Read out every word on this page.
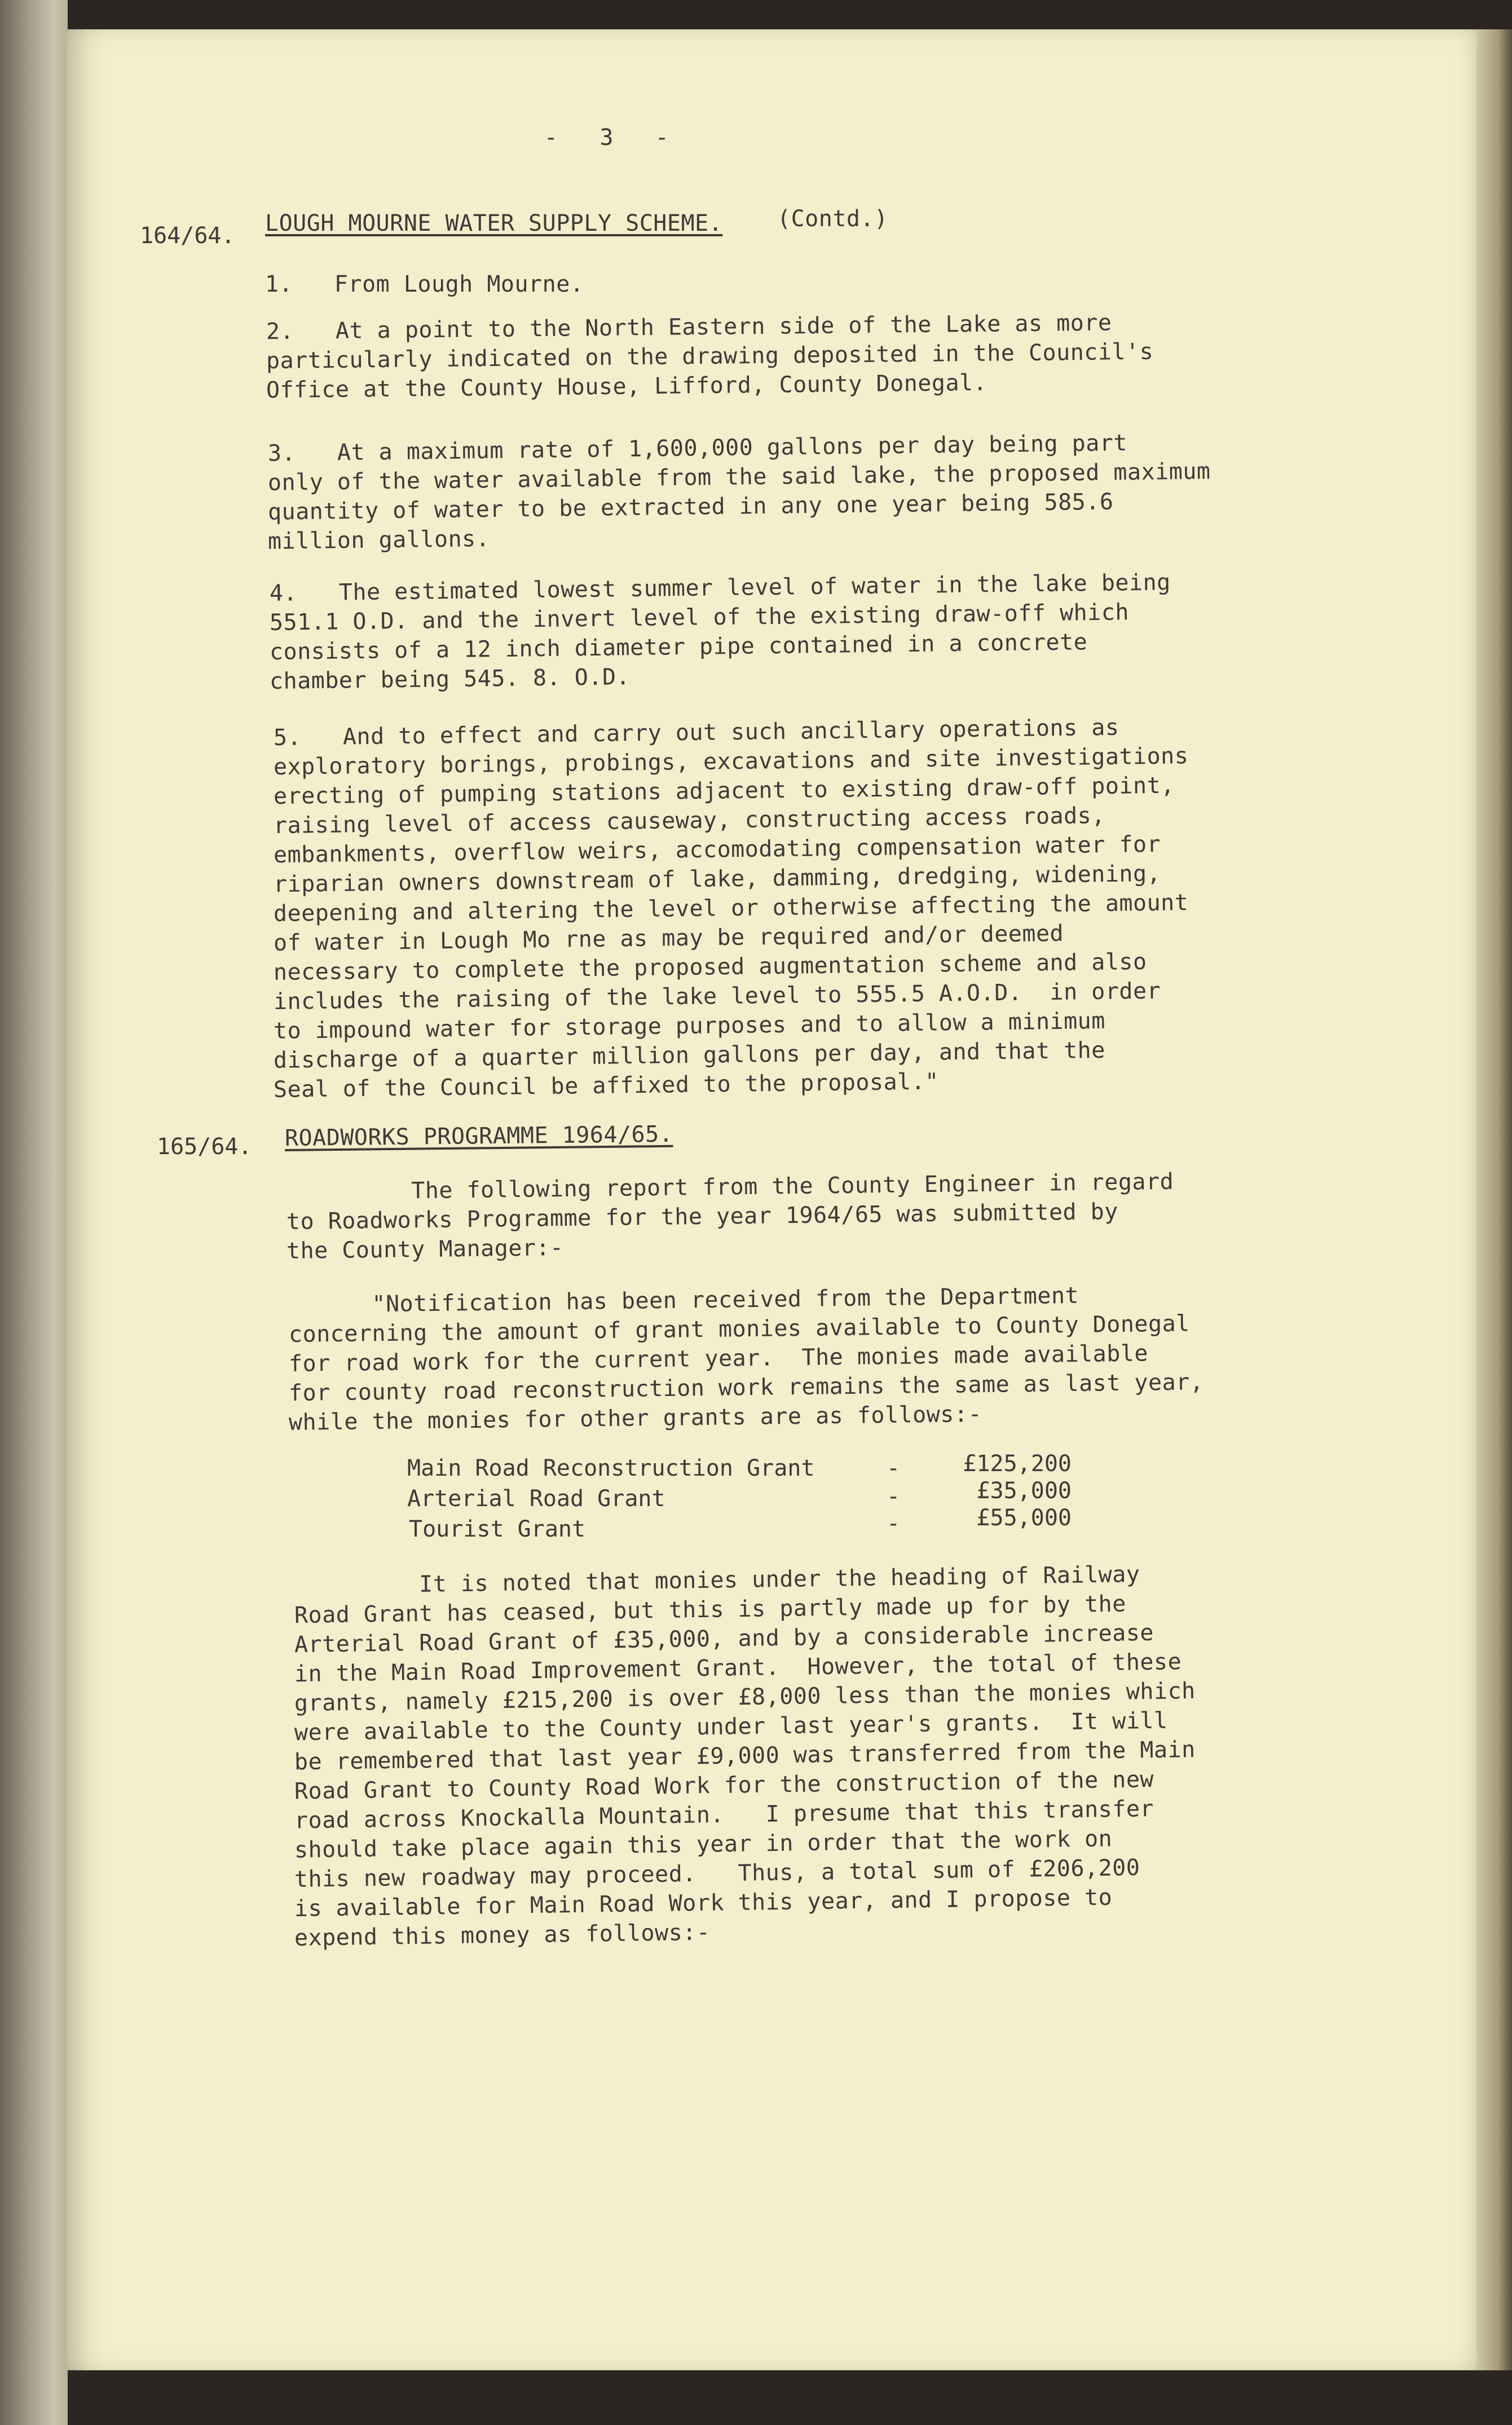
-   3   -
164/64. LOUGH MOURNE WATER SUPPLY SCHEME. (Contd.)
1.   From Lough Mourne.
2.   At a point to the North Eastern side of the Lake as more
particularly indicated on the drawing deposited in the Council's
Office at the County House, Lifford, County Donegal.
3.   At a maximum rate of 1,600,000 gallons per day being part
only of the water available from the said lake, the proposed maximum
quantity of water to be extracted in any one year being 585.6
million gallons.
4.   The estimated lowest summer level of water in the lake being
551.1 O.D. and the invert level of the existing draw-off which
consists of a 12 inch diameter pipe contained in a concrete
chamber being 545. 8. O.D.
5.   And to effect and carry out such ancillary operations as
exploratory borings, probings, excavations and site investigations
erecting of pumping stations adjacent to existing draw-off point,
raising level of access causeway, constructing access roads,
embankments, overflow weirs, accomodating compensation water for
riparian owners downstream of lake, damming, dredging, widening,
deepening and altering the level or otherwise affecting the amount
of water in Lough Mo rne as may be required and/or deemed
necessary to complete the proposed augmentation scheme and also
includes the raising of the lake level to 555.5 A.O.D.  in order
to impound water for storage purposes and to allow a minimum
discharge of a quarter million gallons per day, and that the
Seal of the Council be affixed to the proposal."
165/64. ROADWORKS PROGRAMME 1964/65.
The following report from the County Engineer in regard
to Roadworks Programme for the year 1964/65 was submitted by
the County Manager:-
"Notification has been received from the Department
concerning the amount of grant monies available to County Donegal
for road work for the current year.  The monies made available
for county road reconstruction work remains the same as last year,
while the monies for other grants are as follows:-
Main Road Reconstruction Grant	-	£125,200
Arterial Road Grant	-	£35,000
Tourist Grant	-	£55,000
It is noted that monies under the heading of Railway
Road Grant has ceased, but this is partly made up for by the
Arterial Road Grant of £35,000, and by a considerable increase
in the Main Road Improvement Grant.  However, the total of these
grants, namely £215,200 is over £8,000 less than the monies which
were available to the County under last year's grants.  It will
be remembered that last year £9,000 was transferred from the Main
Road Grant to County Road Work for the construction of the new
road across Knockalla Mountain.   I presume that this transfer
should take place again this year in order that the work on
this new roadway may proceed.   Thus, a total sum of £206,200
is available for Main Road Work this year, and I propose to
expend this money as follows:-
